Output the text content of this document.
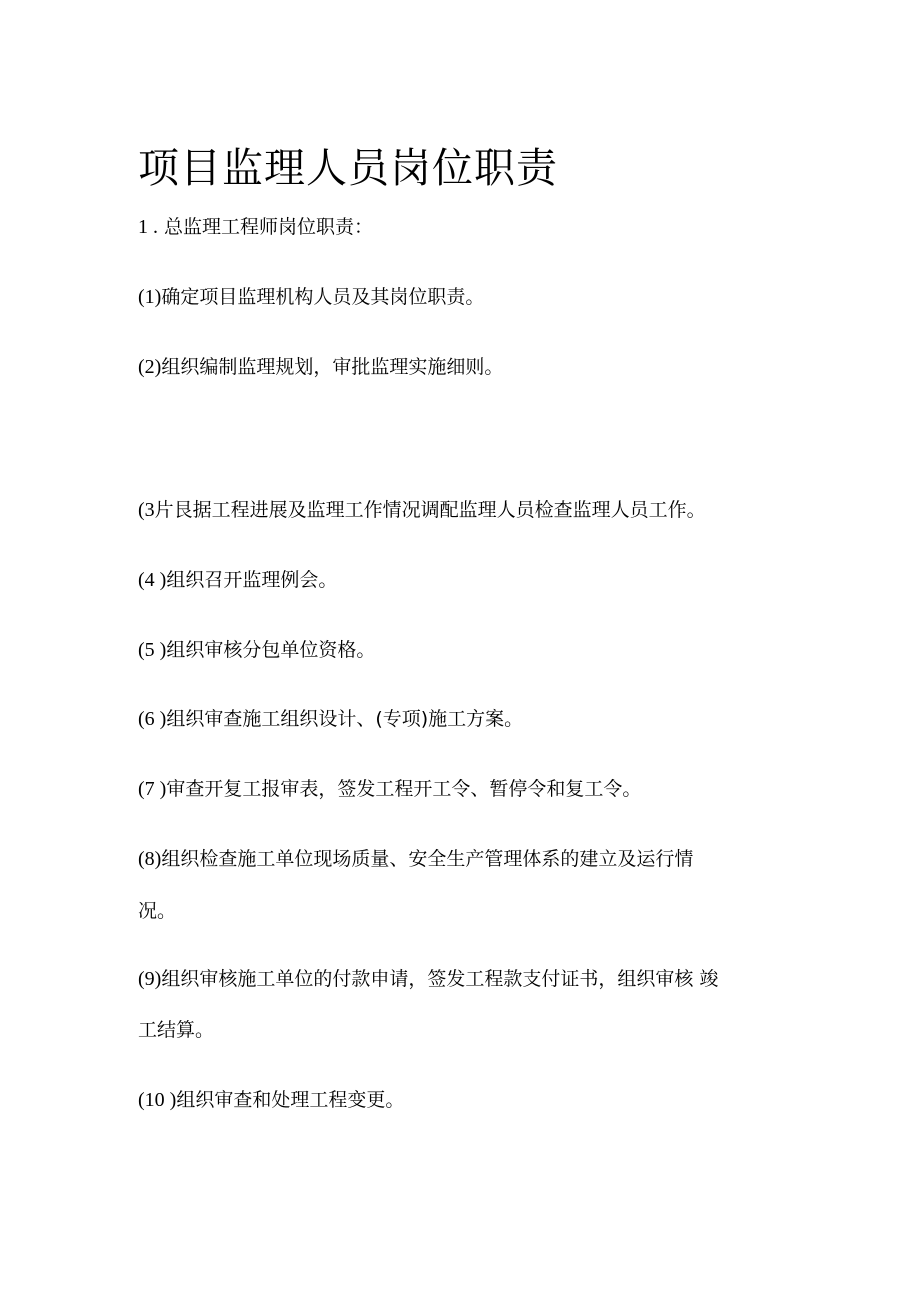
项目监理人员岗位职责

1 . 总监理工程师岗位职责：

(1)确定项目监理机构人员及其岗位职责。

(2)组织编制监理规划，审批监理实施细则。

(3片艮据工程进展及监理工作情况调配监理人员检查监理人员工作。

(4 )组织召开监理例会。

(5 )组织审核分包单位资格。

(6 )组织审查施工组织设计、(专项)施工方案。

(7 )审查开复工报审表，签发工程开工令、暂停令和复工令。

(8)组织检查施工单位现场质量、安全生产管理体系的建立及运行情

况。

(9)组织审核施工单位的付款申请，签发工程款支付证书，组织审核 竣

工结算。

(10 )组织审查和处理工程变更。
